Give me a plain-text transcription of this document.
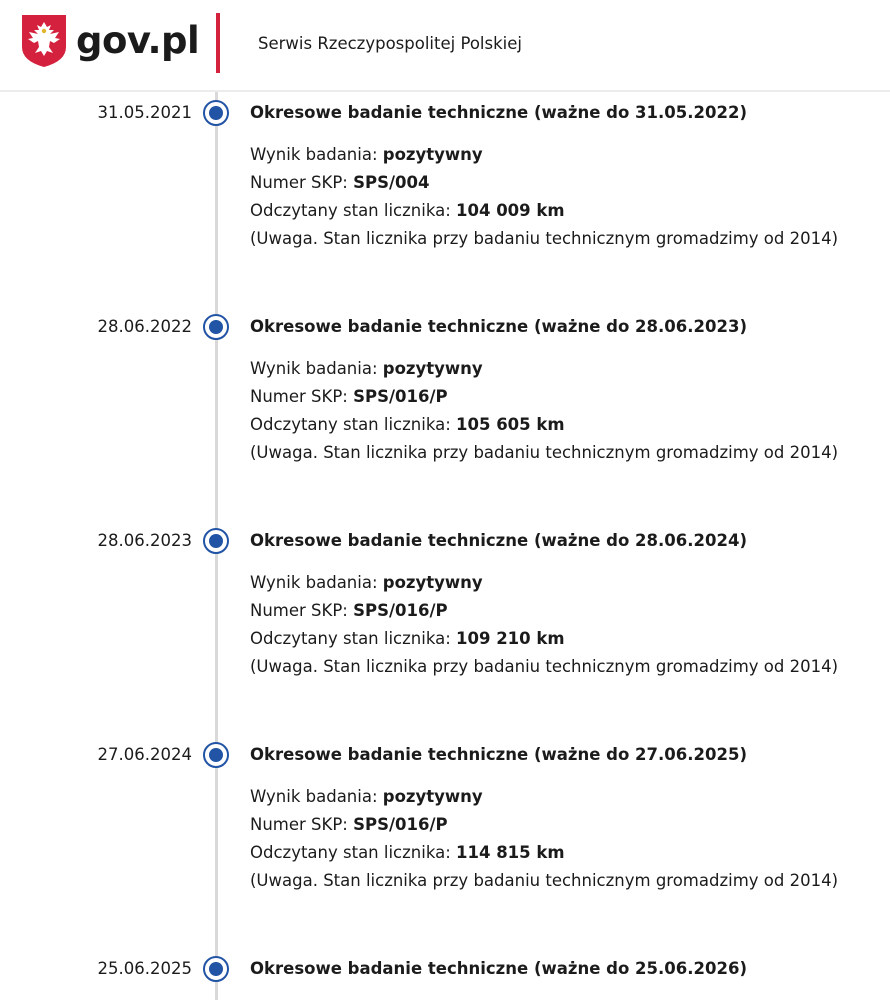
gov.pl	Serwis Rzeczypospolitej Polskiej
31.05.2021	Okresowe badanie techniczne (ważne do 31.05.2022)
Wynik badania: pozytywny
Numer SKP: SPS/004
Odczytany stan licznika: 104 009 km
(Uwaga. Stan licznika przy badaniu technicznym gromadzimy od 2014)
28.06.2022	Okresowe badanie techniczne (ważne do 28.06.2023)
Wynik badania: pozytywny
Numer SKP: SPS/016/P
Odczytany stan licznika: 105 605 km
(Uwaga. Stan licznika przy badaniu technicznym gromadzimy od 2014)
28.06.2023	Okresowe badanie techniczne (ważne do 28.06.2024)
Wynik badania: pozytywny
Numer SKP: SPS/016/P
Odczytany stan licznika: 109 210 km
(Uwaga. Stan licznika przy badaniu technicznym gromadzimy od 2014)
27.06.2024	Okresowe badanie techniczne (ważne do 27.06.2025)
Wynik badania: pozytywny
Numer SKP: SPS/016/P
Odczytany stan licznika: 114 815 km
(Uwaga. Stan licznika przy badaniu technicznym gromadzimy od 2014)
25.06.2025	Okresowe badanie techniczne (ważne do 25.06.2026)
